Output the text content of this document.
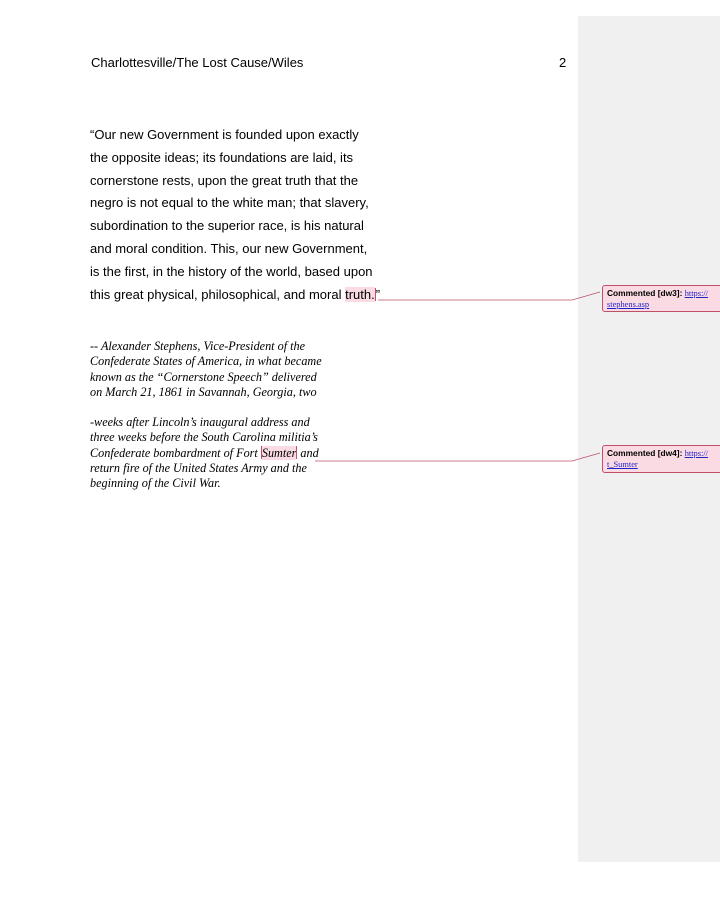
Charlottesville/The Lost Cause/Wiles	2
“Our new Government is founded upon exactly
the opposite ideas; its foundations are laid, its
cornerstone rests, upon the great truth that the
negro is not equal to the white man; that slavery,
subordination to the superior race, is his natural
and moral condition. This, our new Government,
is the first, in the history of the world, based upon
this great physical, philosophical, and moral truth.”
-- Alexander Stephens, Vice-President of the
Confederate States of America, in what became
known as the “Cornerstone Speech” delivered
on March 21, 1861 in Savannah, Georgia, two
-weeks after Lincoln’s inaugural address and
three weeks before the South Carolina militia’s
Confederate bombardment of Fort Sumter and
return fire of the United States Army and the
beginning of the Civil War.
Commented [dw3]: https://
stephens.asp
Commented [dw4]: https://
t_Sumter
